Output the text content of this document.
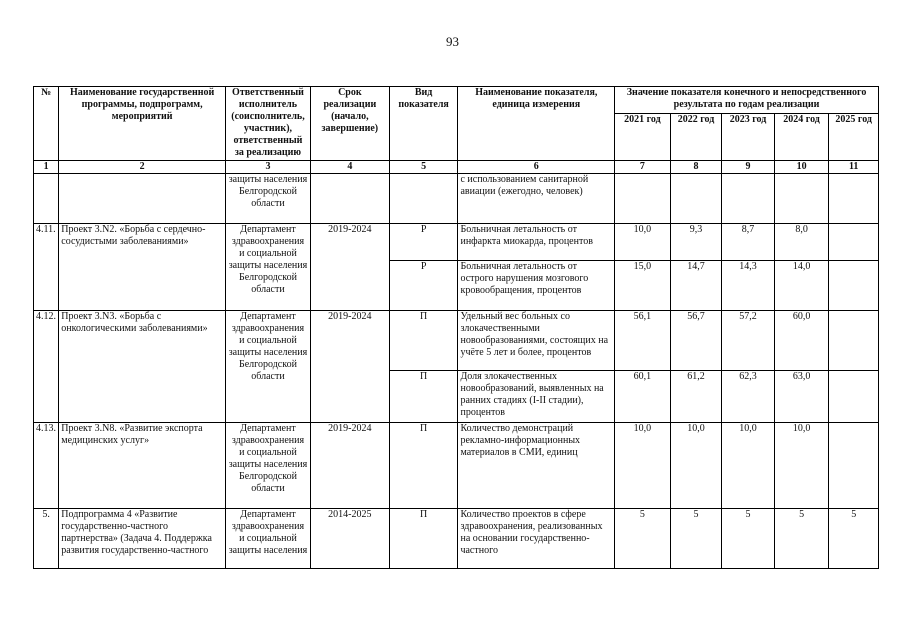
93
№	Наименование государственной программы, подпрограмм, мероприятий	Ответственный исполнитель (соисполнитель, участник), ответственный за реализацию	Срок реализации (начало, завершение)	Вид показателя	Наименование показателя, единица измерения	Значение показателя конечного и непосредственного результата по годам реализации				
						2021 год	2022 год	2023 год	2024 год	2025 год
1	2	3	4	5	6	7	8	9	10	11
		защиты населения Белгородской области			с использованием санитарной авиации (ежегодно, человек)					
4.11.	Проект 3.N2. «Борьба с сердечно-сосудистыми заболеваниями»	Департамент здравоохранения и социальной защиты населения Белгородской области	2019-2024	Р	Больничная летальность от инфаркта миокарда, процентов	10,0	9,3	8,7	8,0	
				Р	Больничная летальность от острого нарушения мозгового кровообращения, процентов	15,0	14,7	14,3	14,0	
4.12.	Проект 3.N3. «Борьба с онкологическими заболеваниями»	Департамент здравоохранения и социальной защиты населения Белгородской области	2019-2024	П	Удельный вес больных со злокачественными новообразованиями, состоящих на учёте 5 лет и более, процентов	56,1	56,7	57,2	60,0	
				П	Доля злокачественных новообразований, выявленных на ранних стадиях (I-II стадии), процентов	60,1	61,2	62,3	63,0	
4.13.	Проект 3.N8. «Развитие экспорта медицинских услуг»	Департамент здравоохранения и социальной защиты населения Белгородской области	2019-2024	П	Количество демонстраций рекламно-информационных материалов в СМИ, единиц	10,0	10,0	10,0	10,0	
5.	Подпрограмма 4 «Развитие государственно-частного партнерства» (Задача 4. Поддержка развития государственно-частного	Департамент здравоохранения и социальной защиты населения	2014-2025	П	Количество проектов в сфере здравоохранения, реализованных на основании государственно-частного	5	5	5	5	5
